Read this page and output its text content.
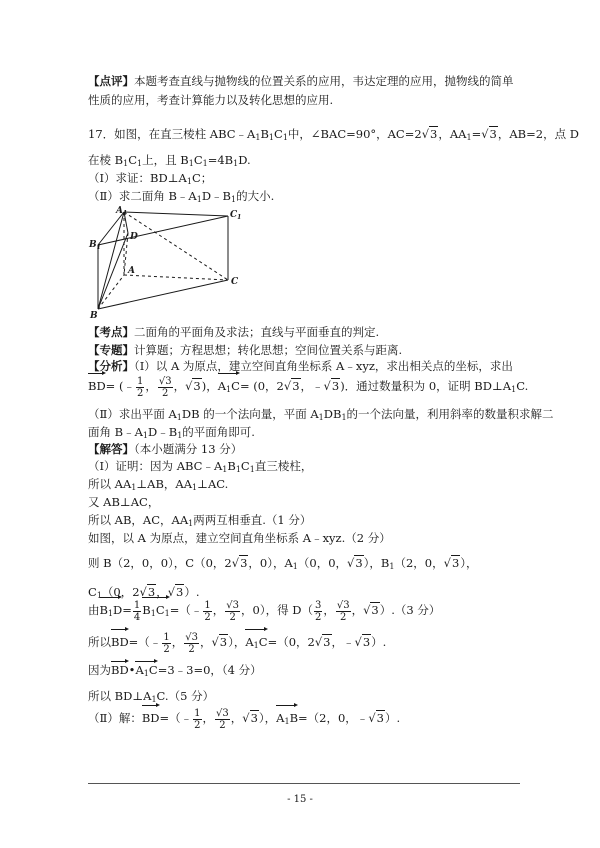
【点评】本题考查直线与抛物线的位置关系的应用，韦达定理的应用，抛物线的简单性质的应用，考查计算能力以及转化思想的应用.
17．如图，在直三棱柱 $ABC﹣A_1B_1C_1$中，∠BAC=90°，AC=2√3，$AA_1=√3$，AB=2，点 D
在棱 $B_1C_1$上，且 $B_1C_1=4B_1D$.
（Ⅰ）求证：$BD\perp A_1C$；
（Ⅱ）求二面角 $B﹣A_1D﹣B_1$的大小.
$A_1$
$B_1$
$C_1$
D
A
B
C
【考点】二面角的平面角及求法；直线与平面垂直的判定.
【专题】计算题；方程思想；转化思想；空间位置关系与距离.
【分析】（Ⅰ）以 A 为原点，建立空间直角坐标系 A﹣xyz，求出相关点的坐标，求出
BD= (﹣ $\frac{1}{2}$ ， $\frac{√3}{2}$ ，√3)，$A_1C= (0$，2√3，﹣√3)．通过数量积为 0，证明 $BD\perp A_1C$.
（Ⅱ）求出平面 $A_1DB$ 的一个法向量，平面 $A_1DB_1$的一个法向量，利用斜率的数量积求解二
面角 $B﹣A_1D﹣B_1$的平面角即可.
【解答】（本小题满分 13 分）
（Ⅰ）证明：因为 $ABC﹣A_1B_1C_1$直三棱柱，
所以 $AA_1\perp AB$，$AA_1\perp AC$.
又 AB⊥AC，
所以 AB，AC，$AA_1$两两互相垂直.（1 分）
如图，以 A 为原点，建立空间直角坐标系 A﹣xyz.（2 分）
则 B（2，0，0），C（0，2√3，0），$A_1(0$，0，√3），$B_1(2$，0，√3），
$C_1(0$，2√3，√3）.
由$B_1D= \frac{1}{4}$ $B_1C_1=(﹣ \frac{1}{2}$ ， $\frac{√3}{2}$ ，0），得 $D( \frac{3}{2}$ ， $\frac{√3}{2}$ ，√3）.（3 分）
所以BD=（﹣ $\frac{1}{2}$ ， $\frac{√3}{2}$ ，√3），$A_1C=(0$，2√3，﹣√3）.
因为$BD•A_1C=3﹣3=0$，（4 分）
所以 $BD\perp A_1C.(5$ 分）
（Ⅱ）解：BD=（﹣ $\frac{1}{2}$ ， $\frac{√3}{2}$ ，√3），$A_1B=(2$，0，﹣√3）.
- 15 -
